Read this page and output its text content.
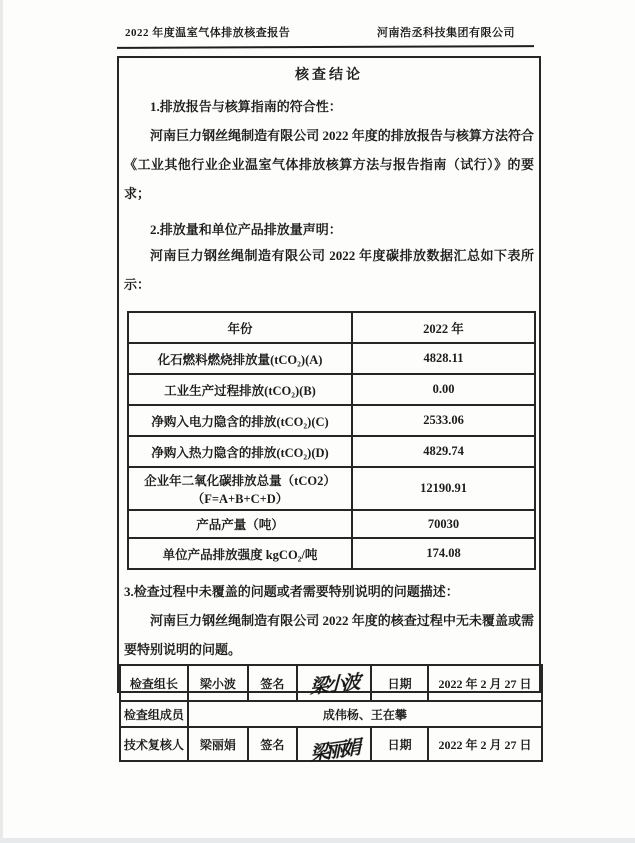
2022 年度温室气体排放核查报告	河南浩丞科技集团有限公司
核查结论

1.排放报告与核算指南的符合性：

河南巨力钢丝绳制造有限公司 2022 年度的排放报告与核算方法符合《工业其他行业企业温室气体排放核算方法与报告指南（试行）》的要求；

2.排放量和单位产品排放量声明：

河南巨力钢丝绳制造有限公司 2022 年度碳排放数据汇总如下表所示：

年份	2022 年
化石燃料燃烧排放量(tCO₂)(A)	4828.11
工业生产过程排放(tCO₂)(B)	0.00
净购入电力隐含的排放(tCO₂)(C)	2533.06
净购入热力隐含的排放(tCO₂)(D)	4829.74

企业年二氧化碳排放总量（tCO2）
（F=A+B+C+D）	12190.91
产品产量（吨）	70030
单位产品排放强度 kgCO₂/吨	174.08

3.检查过程中未覆盖的问题或者需要特别说明的问题描述：

河南巨力钢丝绳制造有限公司 2022 年度的核查过程中无未覆盖或需要特别说明的问题。

检查组长	梁小波	签名	梁小波	日期	2022 年 2 月 27 日
检查组成员	成伟杨、王在攀				
技术复核人	梁丽娟	签名	梁丽娟	日期	2022 年 2 月 27 日
